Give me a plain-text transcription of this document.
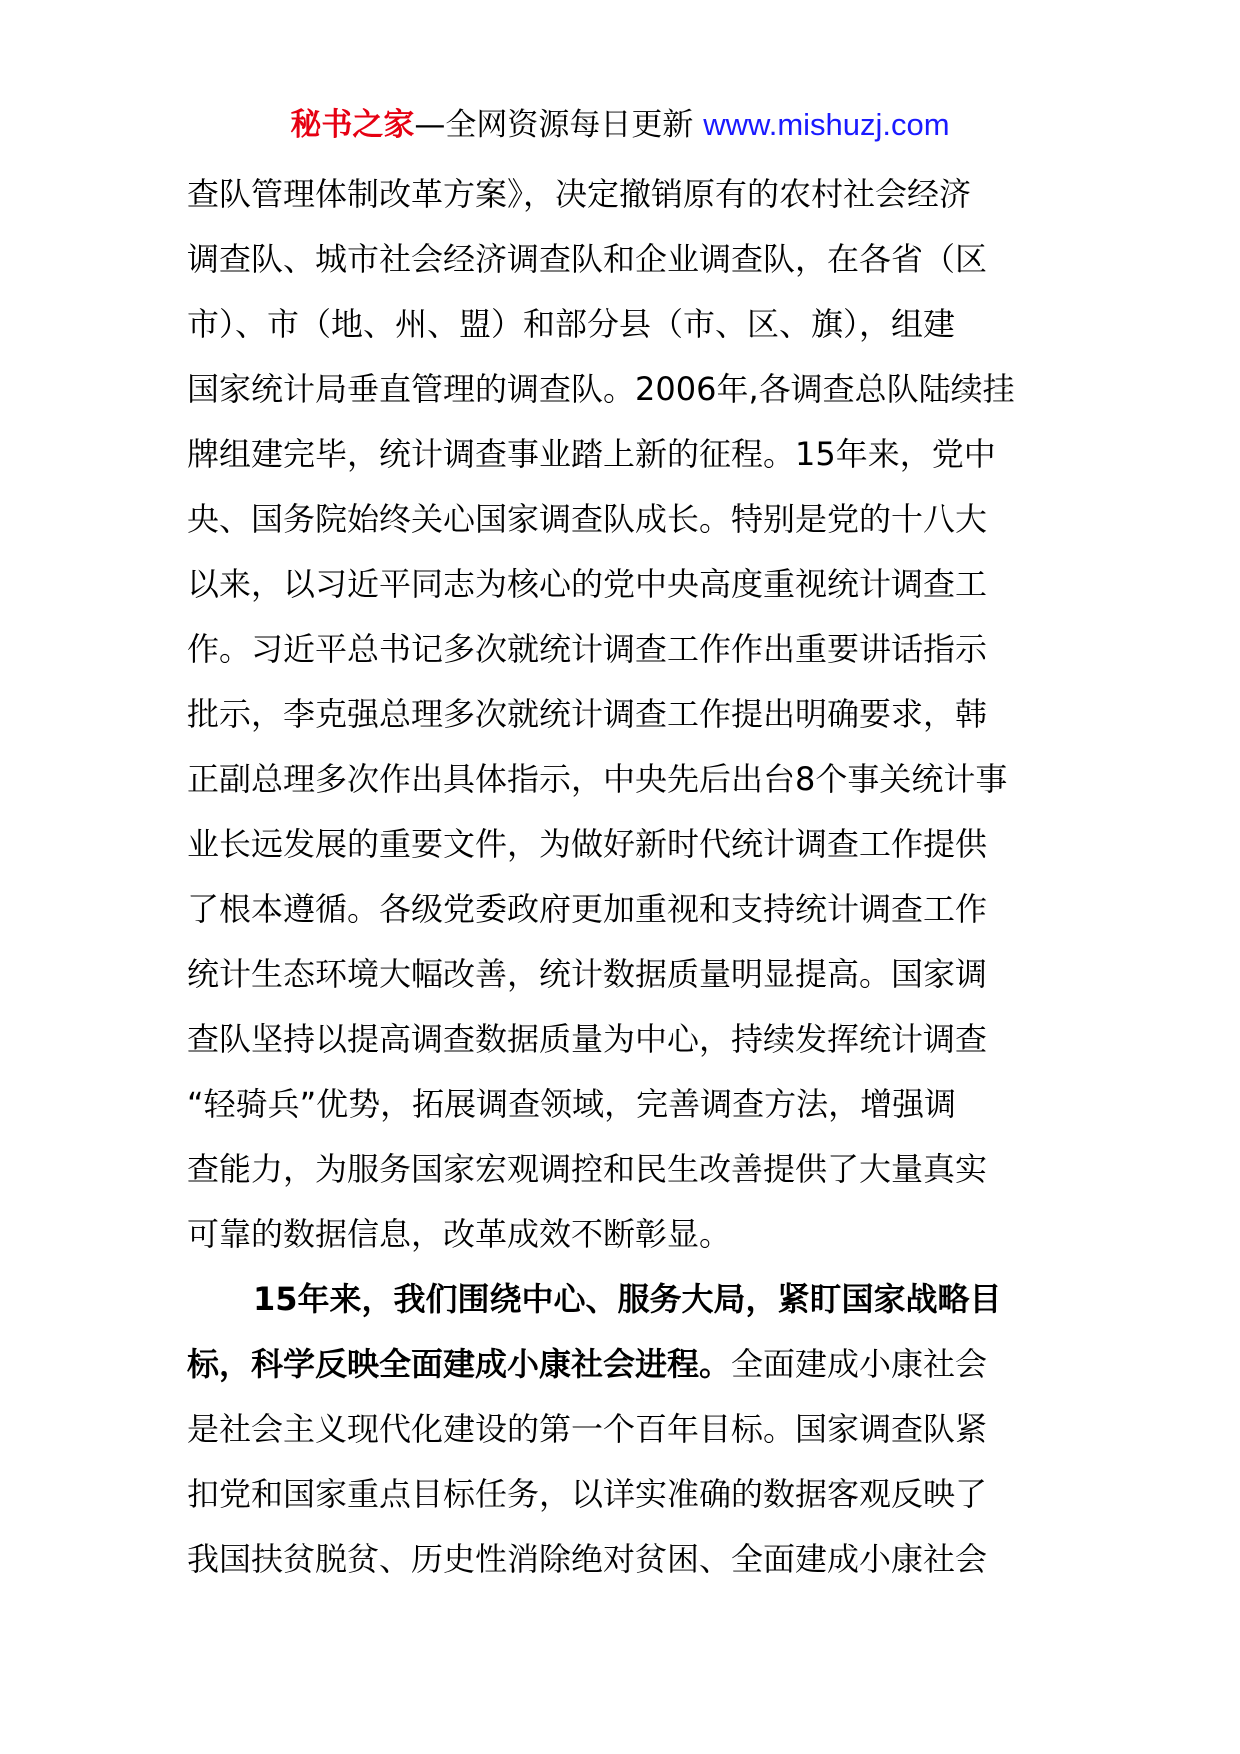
秘书之家—全网资源每日更新 www.mishuzj.com

查队管理体制改革方案》，决定撤销原有的农村社会经济

调查队、城市社会经济调查队和企业调查队，在各省（区

市）、市（地、州、盟）和部分县（市、区、旗），组建

国家统计局垂直管理的调查队。2006年,各调查总队陆续挂

牌组建完毕，统计调查事业踏上新的征程。15年来，党中

央、国务院始终关心国家调查队成长。特别是党的十八大

以来，以习近平同志为核心的党中央高度重视统计调查工

作。习近平总书记多次就统计调查工作作出重要讲话指示

批示，李克强总理多次就统计调查工作提出明确要求，韩

正副总理多次作出具体指示，中央先后出台8个事关统计事

业长远发展的重要文件，为做好新时代统计调查工作提供

了根本遵循。各级党委政府更加重视和支持统计调查工作

统计生态环境大幅改善，统计数据质量明显提高。国家调

查队坚持以提高调查数据质量为中心，持续发挥统计调查

“轻骑兵”优势，拓展调查领域，完善调查方法，增强调

查能力，为服务国家宏观调控和民生改善提供了大量真实

可靠的数据信息，改革成效不断彰显。

15年来，我们围绕中心、服务大局，紧盯国家战略目

标，科学反映全面建成小康社会进程。全面建成小康社会

是社会主义现代化建设的第一个百年目标。国家调查队紧

扣党和国家重点目标任务，以详实准确的数据客观反映了

我国扶贫脱贫、历史性消除绝对贫困、全面建成小康社会
